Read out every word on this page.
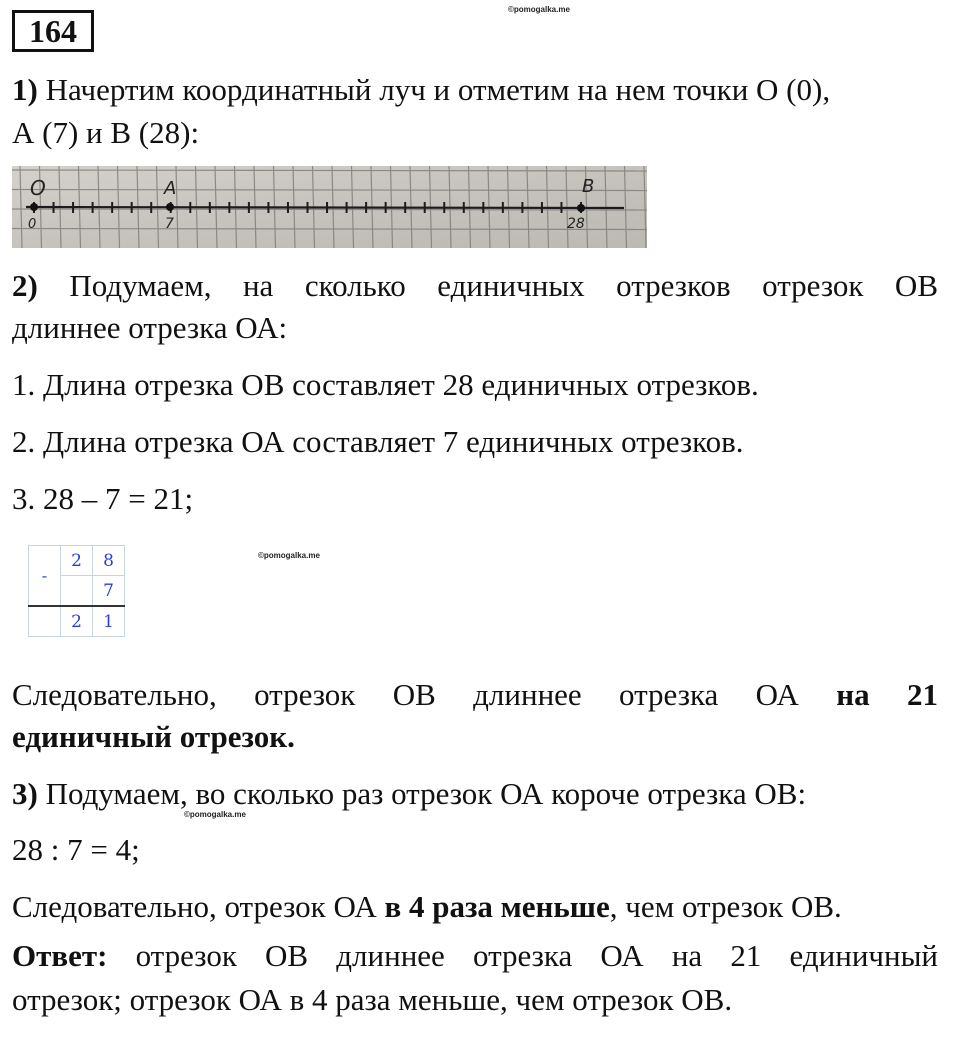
164
©pomogalka.me
1) Начертим координатный луч и отметим на нем точки О (0),
А (7) и В (28):
О	A	B
0	7	28
2) Подумаем, на сколько единичных отрезков отрезок ОВ
длиннее отрезка ОА:
1. Длина отрезка ОВ составляет 28 единичных отрезков.
2. Длина отрезка ОА составляет 7 единичных отрезков.
3. 28 – 7 = 21;
-	2	8
		7
	2	1
©pomogalka.me
Следовательно, отрезок ОВ длиннее отрезка ОА на 21
единичный отрезок.
3) Подумаем, во сколько раз отрезок ОА короче отрезка ОВ:
©pomogalka.me
28 : 7 = 4;
Следовательно, отрезок ОА в 4 раза меньше, чем отрезок ОВ.
Ответ: отрезок ОВ длиннее отрезка ОА на 21 единичный
отрезок; отрезок ОА в 4 раза меньше, чем отрезок ОВ.
